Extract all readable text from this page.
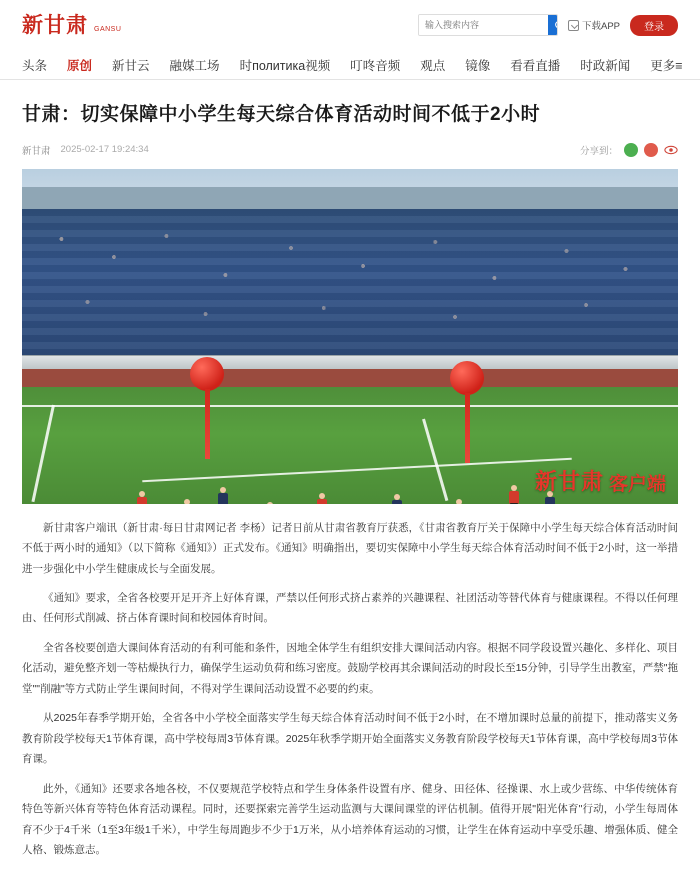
新甘肃 GANSU
输入搜索内容	下载APP	登录
头条 原创 新甘云 融媒工场 时политика视频 叮咚音频 观点 镜像 看看直播 时政新闻 更多≡
甘肃：切实保障中小学生每天综合体育活动时间不低于2小时
新甘肃 2025-02-17 19:24:34	分享到：
新甘肃 客户端

新甘肃客户端讯（新甘肃·每日甘肃网记者 李杨）记者日前从甘肃省教育厅获悉，《甘肃省教育厅关于保障中小学生每天综合体育活动时间不低于两小时的通知》（以下简称《通知》）正式发布。《通知》明确指出，要切实保障中小学生每天综合体育活动时间不低于2小时，这一举措进一步强化中小学生健康成长与全面发展。

《通知》要求，全省各校要开足开齐上好体育课，严禁以任何形式挤占素养的兴趣课程、社团活动等替代体育与健康课程。不得以任何理由、任何形式削减、挤占体育课时间和校园体育时间。

全省各校要创造大课间体育活动的有利可能和条件，因地全体学生有组织安排大课间活动内容。根据不同学段设置兴趣化、多样化、项目化活动，避免整齐划一等枯燥执行力，确保学生运动负荷和练习密度。鼓励学校再其余课间活动的时段长至15分钟，引导学生出教室，严禁"拖堂""削融"等方式防止学生课间时间，不得对学生课间活动设置不必要的约束。

从2025年春季学期开始，全省各中小学校全面落实学生每天综合体育活动时间不低于2小时，在不增加课时总量的前提下，推动落实义务教育阶段学校每天1节体育课，高中学校每周3节体育课。2025年秋季学期开始全面落实义务教育阶段学校每天1节体育课，高中学校每周3节体育课。

此外，《通知》还要求各地各校，不仅要规范学校特点和学生身体条件设置有序、健身、田径体、径操课、水上或少营练、中华传统体育特色等新兴体育等特色体育活动课程。同时，还要探索完善学生运动监测与大课间课堂的评估机制。值得开展"阳光体育"行动，小学生每周体育不少于4千米（1至3年级1千米），中学生每周跑步不少于1万米，从小培养体育运动的习惯，让学生在体育运动中享受乐趣、增强体质、健全人格、锻炼意志。
